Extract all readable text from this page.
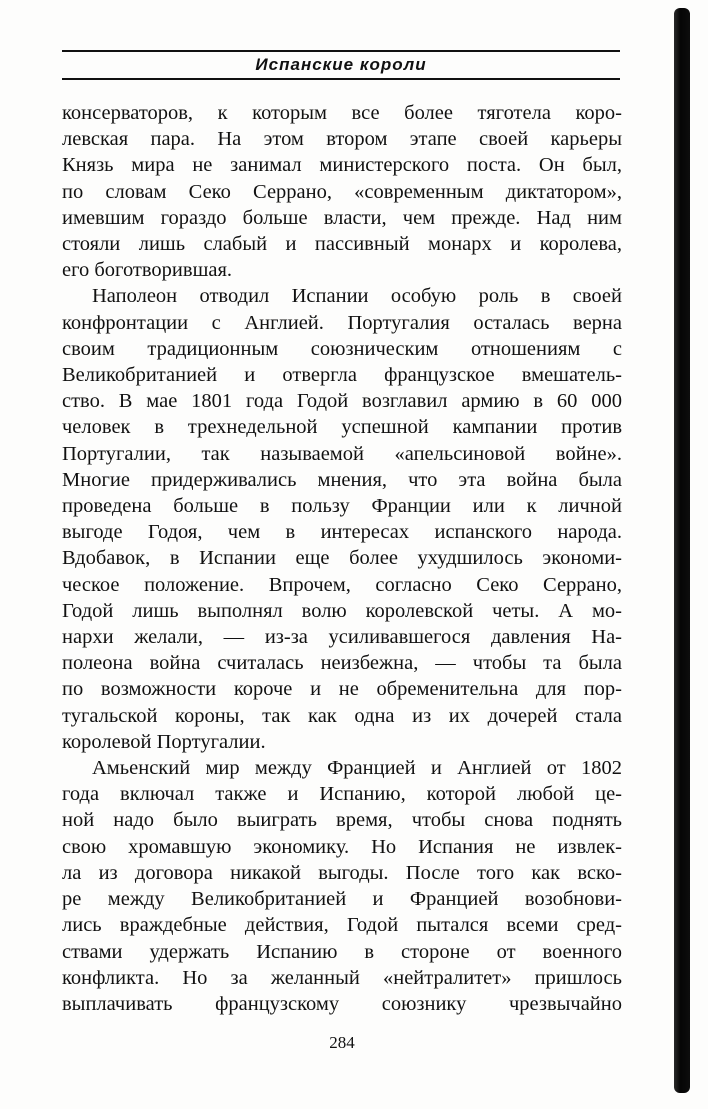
Испанские короли

консерваторов, к которым все более тяготела коро-
левская пара. На этом втором этапе своей карьеры
Князь мира не занимал министерского поста. Он был,
по словам Секо Серрано, «современным диктатором»,
имевшим гораздо больше власти, чем прежде. Над ним
стояли лишь слабый и пассивный монарх и королева,
его боготворившая.

Наполеон отводил Испании особую роль в своей
конфронтации с Англией. Португалия осталась верна
своим традиционным союзническим отношениям с
Великобританией и отвергла французское вмешатель-
ство. В мае 1801 года Годой возглавил армию в 60 000
человек в трехнедельной успешной кампании против
Португалии, так называемой «апельсиновой войне».
Многие придерживались мнения, что эта война была
проведена больше в пользу Франции или к личной
выгоде Годоя, чем в интересах испанского народа.
Вдобавок, в Испании еще более ухудшилось экономи-
ческое положение. Впрочем, согласно Секо Серрано,
Годой лишь выполнял волю королевской четы. А мо-
нархи желали, — из-за усиливавшегося давления На-
полеона война считалась неизбежна, — чтобы та была
по возможности короче и не обременительна для пор-
тугальской короны, так как одна из их дочерей стала
королевой Португалии.

Амьенский мир между Францией и Англией от 1802
года включал также и Испанию, которой любой це-
ной надо было выиграть время, чтобы снова поднять
свою хромавшую экономику. Но Испания не извлек-
ла из договора никакой выгоды. После того как вско-
ре между Великобританией и Францией возобнови-
лись враждебные действия, Годой пытался всеми сред-
ствами удержать Испанию в стороне от военного
конфликта. Но за желанный «нейтралитет» пришлось
выплачивать французскому союзнику чрезвычайно

284
